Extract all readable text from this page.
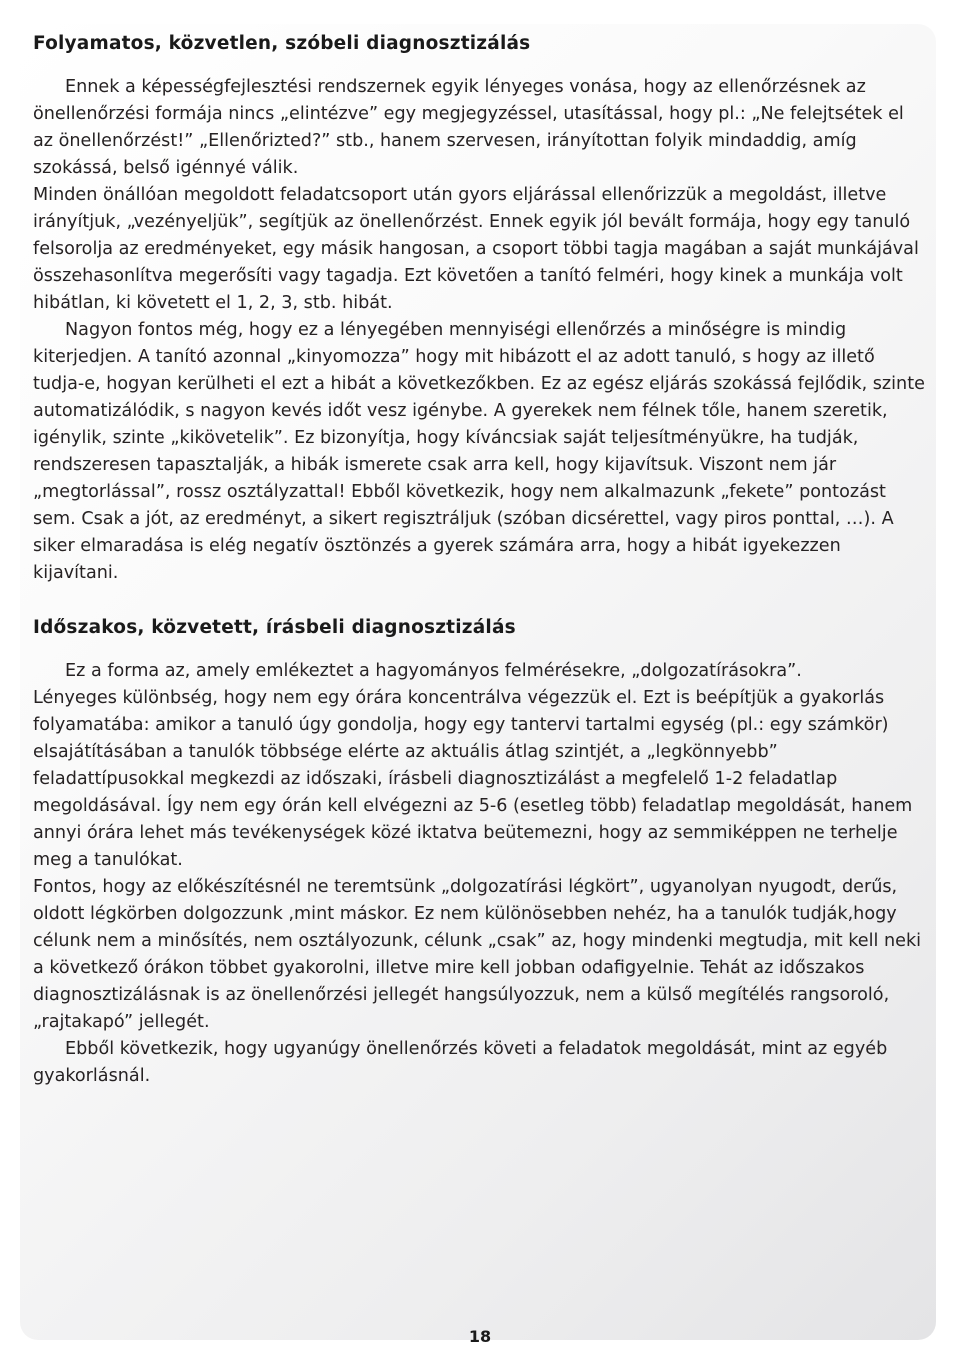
Folyamatos, közvetlen, szóbeli diagnosztizálás

Ennek a képességfejlesztési rendszernek egyik lényeges vonása, hogy az ellenőrzésnek az önellenőrzési formája nincs „elintézve” egy megjegyzéssel, utasítással, hogy pl.: „Ne felejtsétek el az önellenőrzést!” „Ellenőrizted?” stb., hanem szervesen, irányítottan folyik mindaddig, amíg szokássá, belső igénnyé válik.

Minden önállóan megoldott feladatcsoport után gyors eljárással ellenőrizzük a megoldást, illetve irányítjuk, „vezényeljük”, segítjük az önellenőrzést. Ennek egyik jól bevált formája, hogy egy tanuló felsorolja az eredményeket, egy másik hangosan, a csoport többi tagja magában a saját munkájával összehasonlítva megerősíti vagy tagadja. Ezt követően a tanító felméri, hogy kinek a munkája volt hibátlan, ki követett el 1, 2, 3, stb. hibát.

Nagyon fontos még, hogy ez a lényegében mennyiségi ellenőrzés a minőségre is mindig kiterjedjen. A tanító azonnal „kinyomozza” hogy mit hibázott el az adott tanuló, s hogy az illető tudja-e, hogyan kerülheti el ezt a hibát a következőkben. Ez az egész eljárás szokássá fejlődik, szinte automatizálódik, s nagyon kevés időt vesz igénybe. A gyerekek nem félnek tőle, hanem szeretik, igénylik, szinte „kikövetelik”. Ez bizonyítja, hogy kíváncsiak saját teljesítményükre, ha tudják, rendszeresen tapasztalják, a hibák ismerete csak arra kell, hogy kijavítsuk. Viszont nem jár „megtorlással”, rossz osztályzattal! Ebből következik, hogy nem alkalmazunk „fekete” pontozást sem. Csak a jót, az eredményt, a sikert regisztráljuk (szóban dicsérettel, vagy piros ponttal, …). A siker elmaradása is elég negatív ösztönzés a gyerek számára arra, hogy a hibát igyekezzen kijavítani.

Időszakos, közvetett, írásbeli diagnosztizálás

Ez a forma az, amely emlékeztet a hagyományos felmérésekre, „dolgozatírásokra”.

Lényeges különbség, hogy nem egy órára koncentrálva végezzük el. Ezt is beépítjük a gyakorlás folyamatába: amikor a tanuló úgy gondolja, hogy egy tantervi tartalmi egység (pl.: egy számkör) elsajátításában a tanulók többsége elérte az aktuális átlag szintjét, a „legkönnyebb” feladattípusokkal megkezdi az időszaki, írásbeli diagnosztizálást a megfelelő 1-2 feladatlap megoldásával. Így nem egy órán kell elvégezni az 5-6 (esetleg több) feladatlap megoldását, hanem annyi órára lehet más tevékenységek közé iktatva beütemezni, hogy az semmiképpen ne terhelje meg a tanulókat.

Fontos, hogy az előkészítésnél ne teremtsünk „dolgozatírási légkört”, ugyanolyan nyugodt, derűs, oldott légkörben dolgozzunk ,mint máskor. Ez nem különösebben nehéz, ha a tanulók tudják,hogy célunk nem a minősítés, nem osztályozunk, célunk „csak” az, hogy mindenki megtudja, mit kell neki a következő órákon többet gyakorolni, illetve mire kell jobban odafigyelnie. Tehát az időszakos diagnosztizálásnak is az önellenőrzési jellegét hangsúlyozzuk, nem a külső megítélés rangsoroló, „rajtakapó” jellegét.

Ebből következik, hogy ugyanúgy önellenőrzés követi a feladatok megoldását, mint az egyéb gyakorlásnál.

18
